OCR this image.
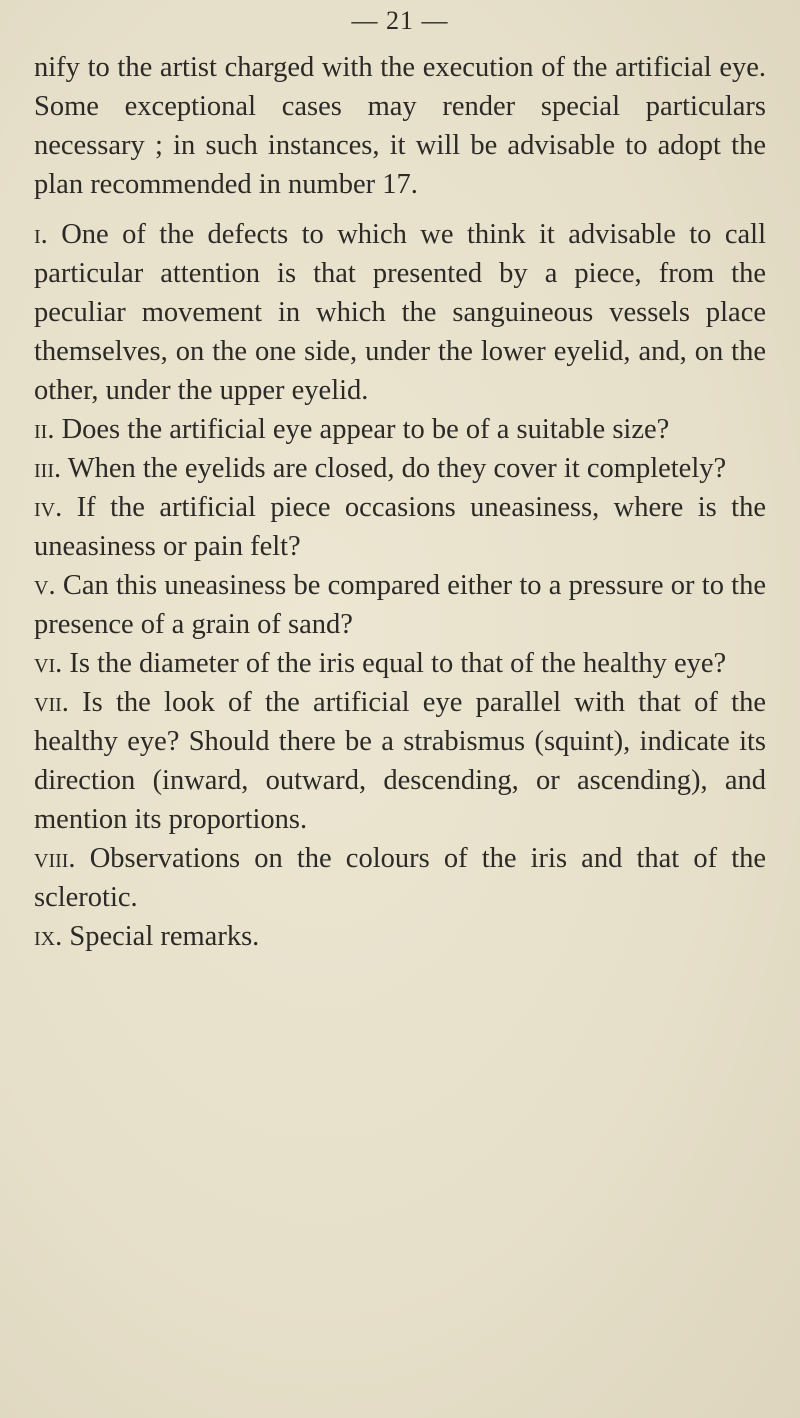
— 21 —

nify to the artist charged with the execution of the artificial eye. Some exceptional cases may render special particulars necessary ; in such instances, it will be advisable to adopt the plan recommended in number 17.

i. One of the defects to which we think it advisable to call particular attention is that presented by a piece, from the peculiar movement in which the sanguineous vessels place themselves, on the one side, under the lower eyelid, and, on the other, under the upper eyelid.

ii. Does the artificial eye appear to be of a suitable size?

iii. When the eyelids are closed, do they cover it completely?

iv. If the artificial piece occasions uneasiness, where is the uneasiness or pain felt?

v. Can this uneasiness be compared either to a pressure or to the presence of a grain of sand?

vi. Is the diameter of the iris equal to that of the healthy eye?

vii. Is the look of the artificial eye parallel with that of the healthy eye? Should there be a strabismus (squint), indicate its direction (inward, outward, descending, or ascending), and mention its proportions.

viii. Observations on the colours of the iris and that of the sclerotic.

ix. Special remarks.
